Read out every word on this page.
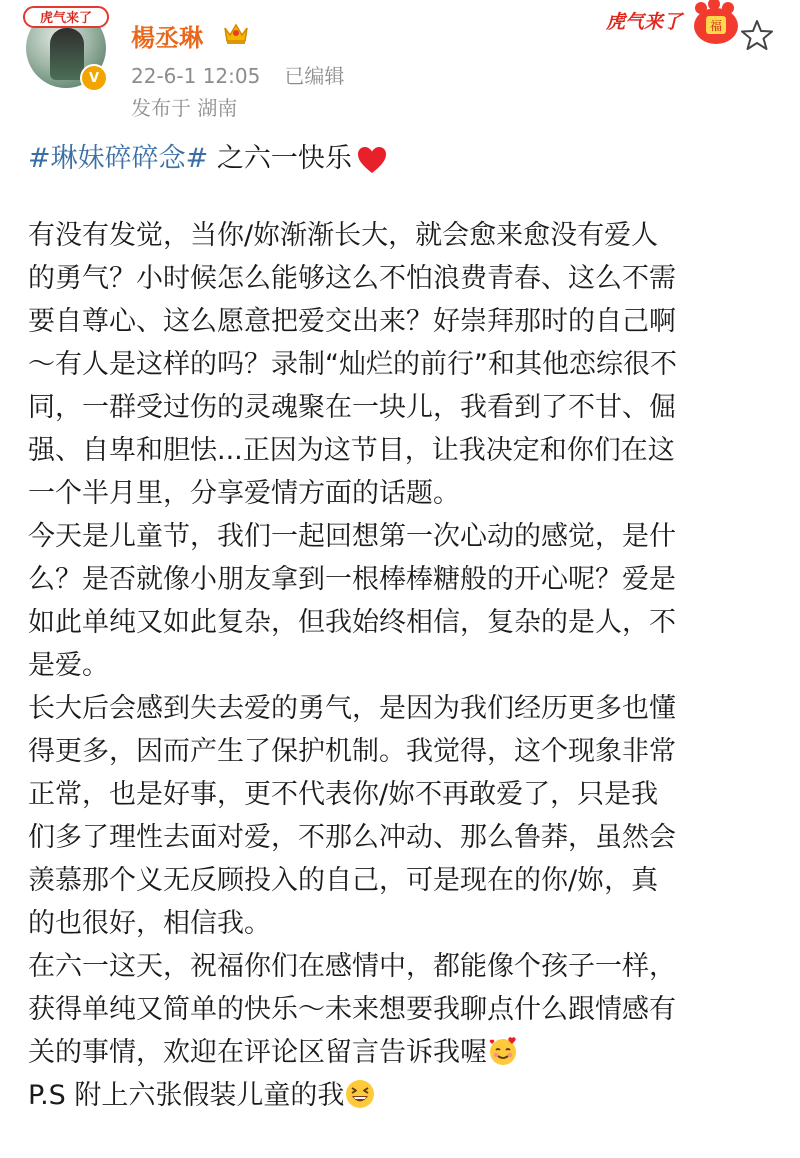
虎气来了
V
楊丞琳
22-6-1 12:05 已编辑
发布于 湖南
虎气来了 福
#琳妹碎碎念# 之六一快乐

有没有发觉，当你/妳渐渐长大，就会愈来愈没有爱人
的勇气？小时候怎么能够这么不怕浪费青春、这么不需
要自尊心、这么愿意把爱交出来？好崇拜那时的自己啊
～有人是这样的吗？录制“灿烂的前行”和其他恋综很不
同，一群受过伤的灵魂聚在一块儿，我看到了不甘、倔
强、自卑和胆怯...正因为这节目，让我决定和你们在这
一个半月里，分享爱情方面的话题。

今天是儿童节，我们一起回想第一次心动的感觉，是什
么？是否就像小朋友拿到一根棒棒糖般的开心呢？爱是
如此单纯又如此复杂，但我始终相信，复杂的是人，不
是爱。

长大后会感到失去爱的勇气，是因为我们经历更多也懂
得更多，因而产生了保护机制。我觉得，这个现象非常
正常，也是好事，更不代表你/妳不再敢爱了，只是我
们多了理性去面对爱，不那么冲动、那么鲁莽，虽然会
羡慕那个义无反顾投入的自己，可是现在的你/妳，真
的也很好，相信我。

在六一这天，祝福你们在感情中，都能像个孩子一样，
获得单纯又简单的快乐～未来想要我聊点什么跟情感有
关的事情，欢迎在评论区留言告诉我喔

P.S 附上六张假装儿童的我
